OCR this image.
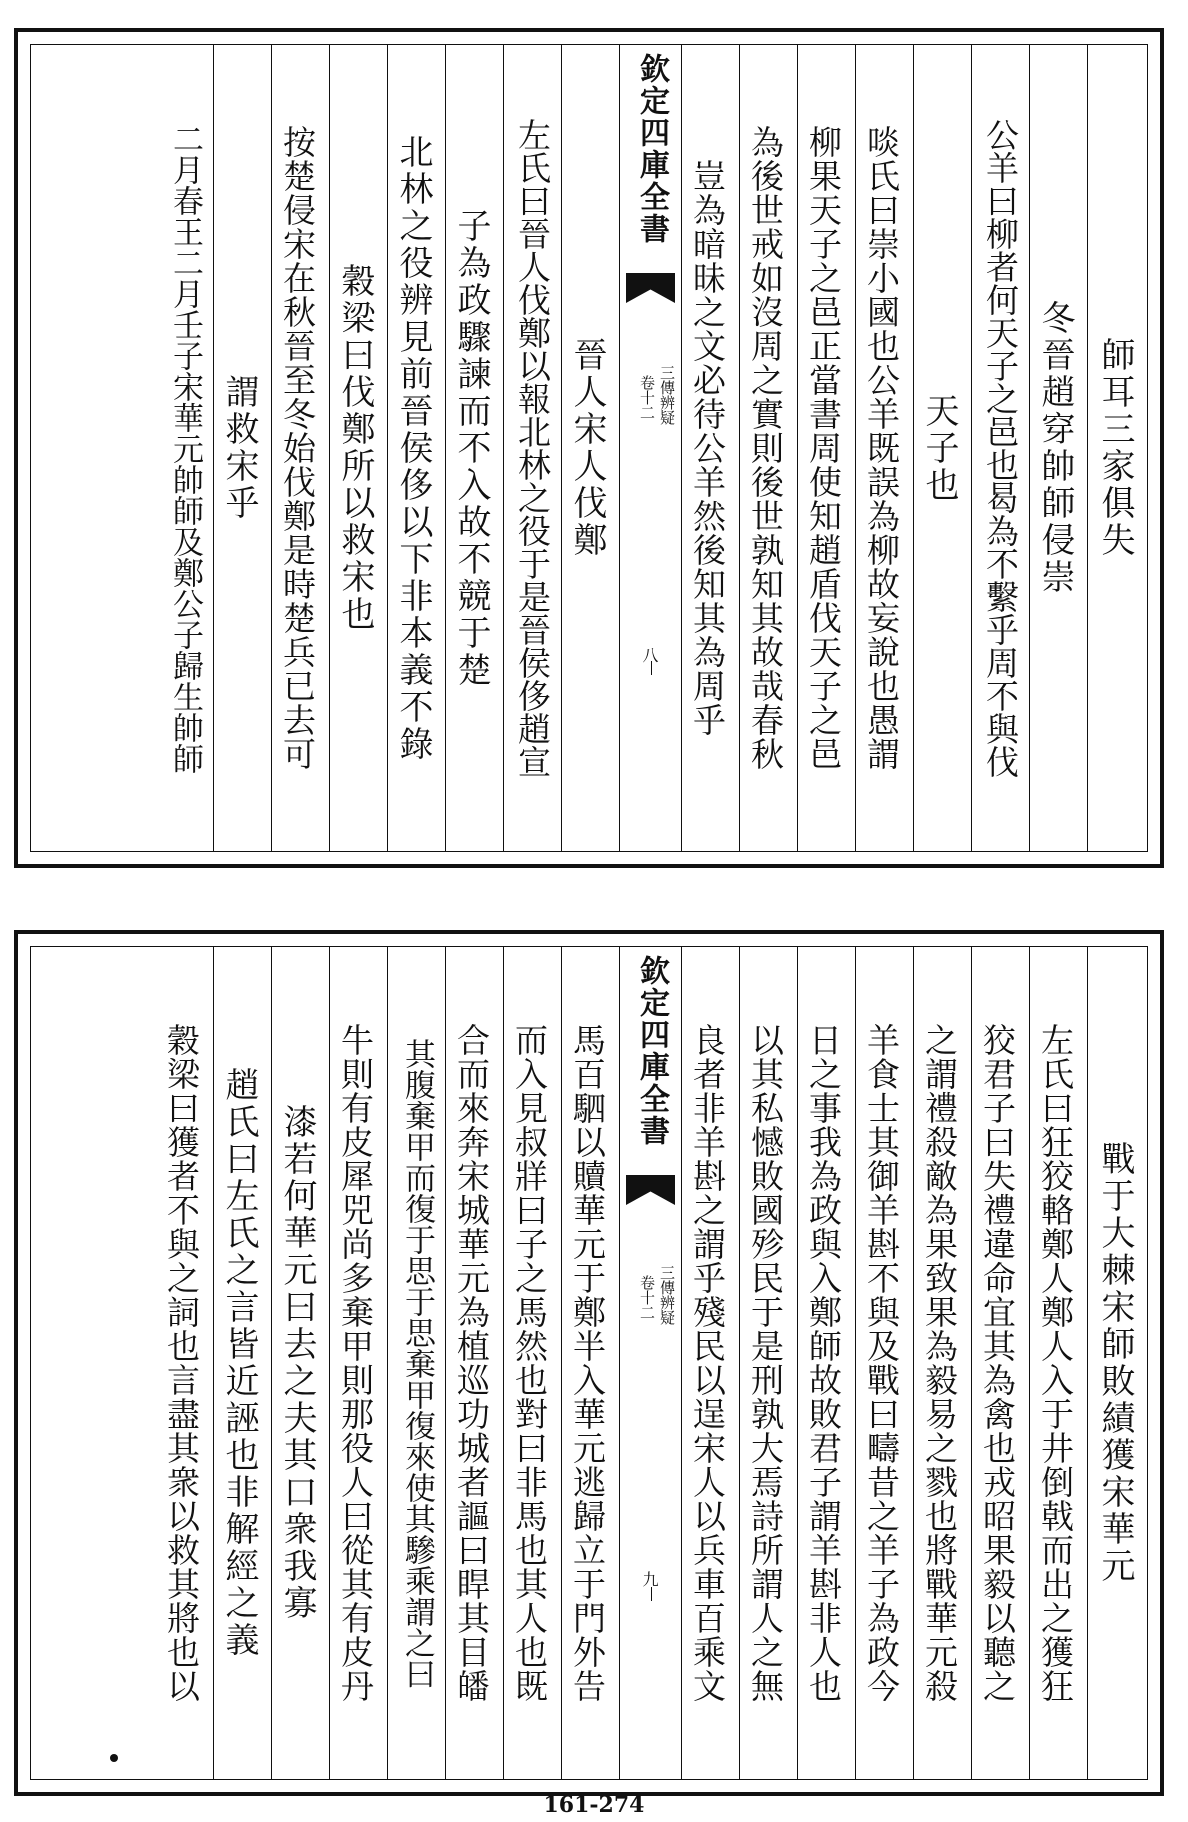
師耳三家俱失
冬晉趙穿帥師侵崇
公羊曰柳者何天子之邑也曷為不繫乎周不與伐
天子也
啖氏曰崇小國也公羊既誤為柳故妄說也愚謂
柳果天子之邑正當書周使知趙盾伐天子之邑
為後世戒如沒周之實則後世孰知其故哉春秋
豈為暗昧之文必待公羊然後知其為周乎
欽定四庫全書
三傳辨疑
卷十二
八
晉人宋人伐鄭
左氏曰晉人伐鄭以報北林之役于是晉侯侈趙宣
子為政驟諫而不入故不競于楚
北林之役辨見前晉侯侈以下非本義不錄
穀梁曰伐鄭所以救宋也
按楚侵宋在秋晉至冬始伐鄭是時楚兵已去可
謂救宋乎
二月春王二月壬子宋華元帥師及鄭公子歸生帥師
戰于大棘宋師敗績獲宋華元
左氏曰狂狡輅鄭人鄭人入于井倒戟而出之獲狂
狡君子曰失禮違命宜其為禽也戎昭果毅以聽之
之謂禮殺敵為果致果為毅易之戮也將戰華元殺
羊食士其御羊斟不與及戰曰疇昔之羊子為政今
日之事我為政與入鄭師故敗君子謂羊斟非人也
以其私憾敗國殄民于是刑孰大焉詩所謂人之無
良者非羊斟之謂乎殘民以逞宋人以兵車百乘文
欽定四庫全書
三傳辨疑
卷十二
九
馬百駟以贖華元于鄭半入華元逃歸立于門外告
而入見叔牂曰子之馬然也對曰非馬也其人也既
合而來奔宋城華元為植巡功城者謳曰睅其目皤
其腹棄甲而復于思于思棄甲復來使其驂乘謂之曰
牛則有皮犀兕尚多棄甲則那役人曰從其有皮丹
漆若何華元曰去之夫其口衆我寡
趙氏曰左氏之言皆近誣也非解經之義
穀梁曰獲者不與之詞也言盡其衆以救其將也以
161-274
